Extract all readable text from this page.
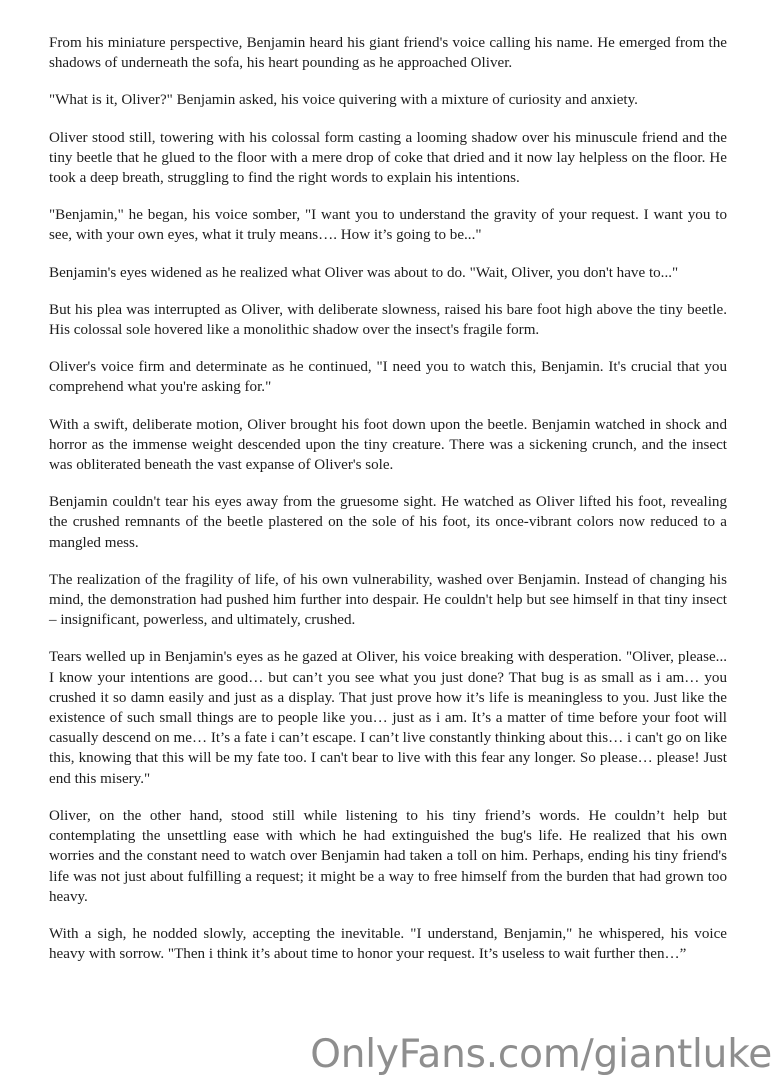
From his miniature perspective, Benjamin heard his giant friend's voice calling his name. He emerged from the shadows of underneath the sofa, his heart pounding as he approached Oliver.

"What is it, Oliver?" Benjamin asked, his voice quivering with a mixture of curiosity and anxiety.

Oliver stood still, towering with his colossal form casting a looming shadow over his minuscule friend and the tiny beetle that he glued to the floor with a mere drop of coke that dried and it now lay helpless on the floor. He took a deep breath, struggling to find the right words to explain his intentions.

"Benjamin," he began, his voice somber, "I want you to understand the gravity of your request. I want you to see, with your own eyes, what it truly means…. How it’s going to be..."

Benjamin's eyes widened as he realized what Oliver was about to do. "Wait, Oliver, you don't have to..."

But his plea was interrupted as Oliver, with deliberate slowness, raised his bare foot high above the tiny beetle. His colossal sole hovered like a monolithic shadow over the insect's fragile form.

Oliver's voice firm and determinate as he continued, "I need you to watch this, Benjamin. It's crucial that you comprehend what you're asking for."

With a swift, deliberate motion, Oliver brought his foot down upon the beetle. Benjamin watched in shock and horror as the immense weight descended upon the tiny creature. There was a sickening crunch, and the insect was obliterated beneath the vast expanse of Oliver's sole.

Benjamin couldn't tear his eyes away from the gruesome sight. He watched as Oliver lifted his foot, revealing the crushed remnants of the beetle plastered on the sole of his foot, its once-vibrant colors now reduced to a mangled mess.

The realization of the fragility of life, of his own vulnerability, washed over Benjamin. Instead of changing his mind, the demonstration had pushed him further into despair. He couldn't help but see himself in that tiny insect – insignificant, powerless, and ultimately, crushed.

Tears welled up in Benjamin's eyes as he gazed at Oliver, his voice breaking with desperation. "Oliver, please... I know your intentions are good… but can’t you see what you just done? That bug is as small as i am… you crushed it so damn easily and just as a display. That just prove how it’s life is meaningless to you. Just like the existence of such small things are to people like you… just as i am. It’s a matter of time before your foot will casually descend on me… It’s a fate i can’t escape. I can’t live constantly thinking about this… i can't go on like this, knowing that this will be my fate too. I can't bear to live with this fear any longer. So please… please! Just end this misery."

Oliver, on the other hand, stood still while listening to his tiny friend’s words. He couldn’t help but contemplating the unsettling ease with which he had extinguished the bug's life. He realized that his own worries and the constant need to watch over Benjamin had taken a toll on him. Perhaps, ending his tiny friend's life was not just about fulfilling a request; it might be a way to free himself from the burden that had grown too heavy.

With a sigh, he nodded slowly, accepting the inevitable. "I understand, Benjamin," he whispered, his voice heavy with sorrow. "Then i think it’s about time to honor your request. It’s useless to wait further then…”

OnlyFans.com/giantluke
